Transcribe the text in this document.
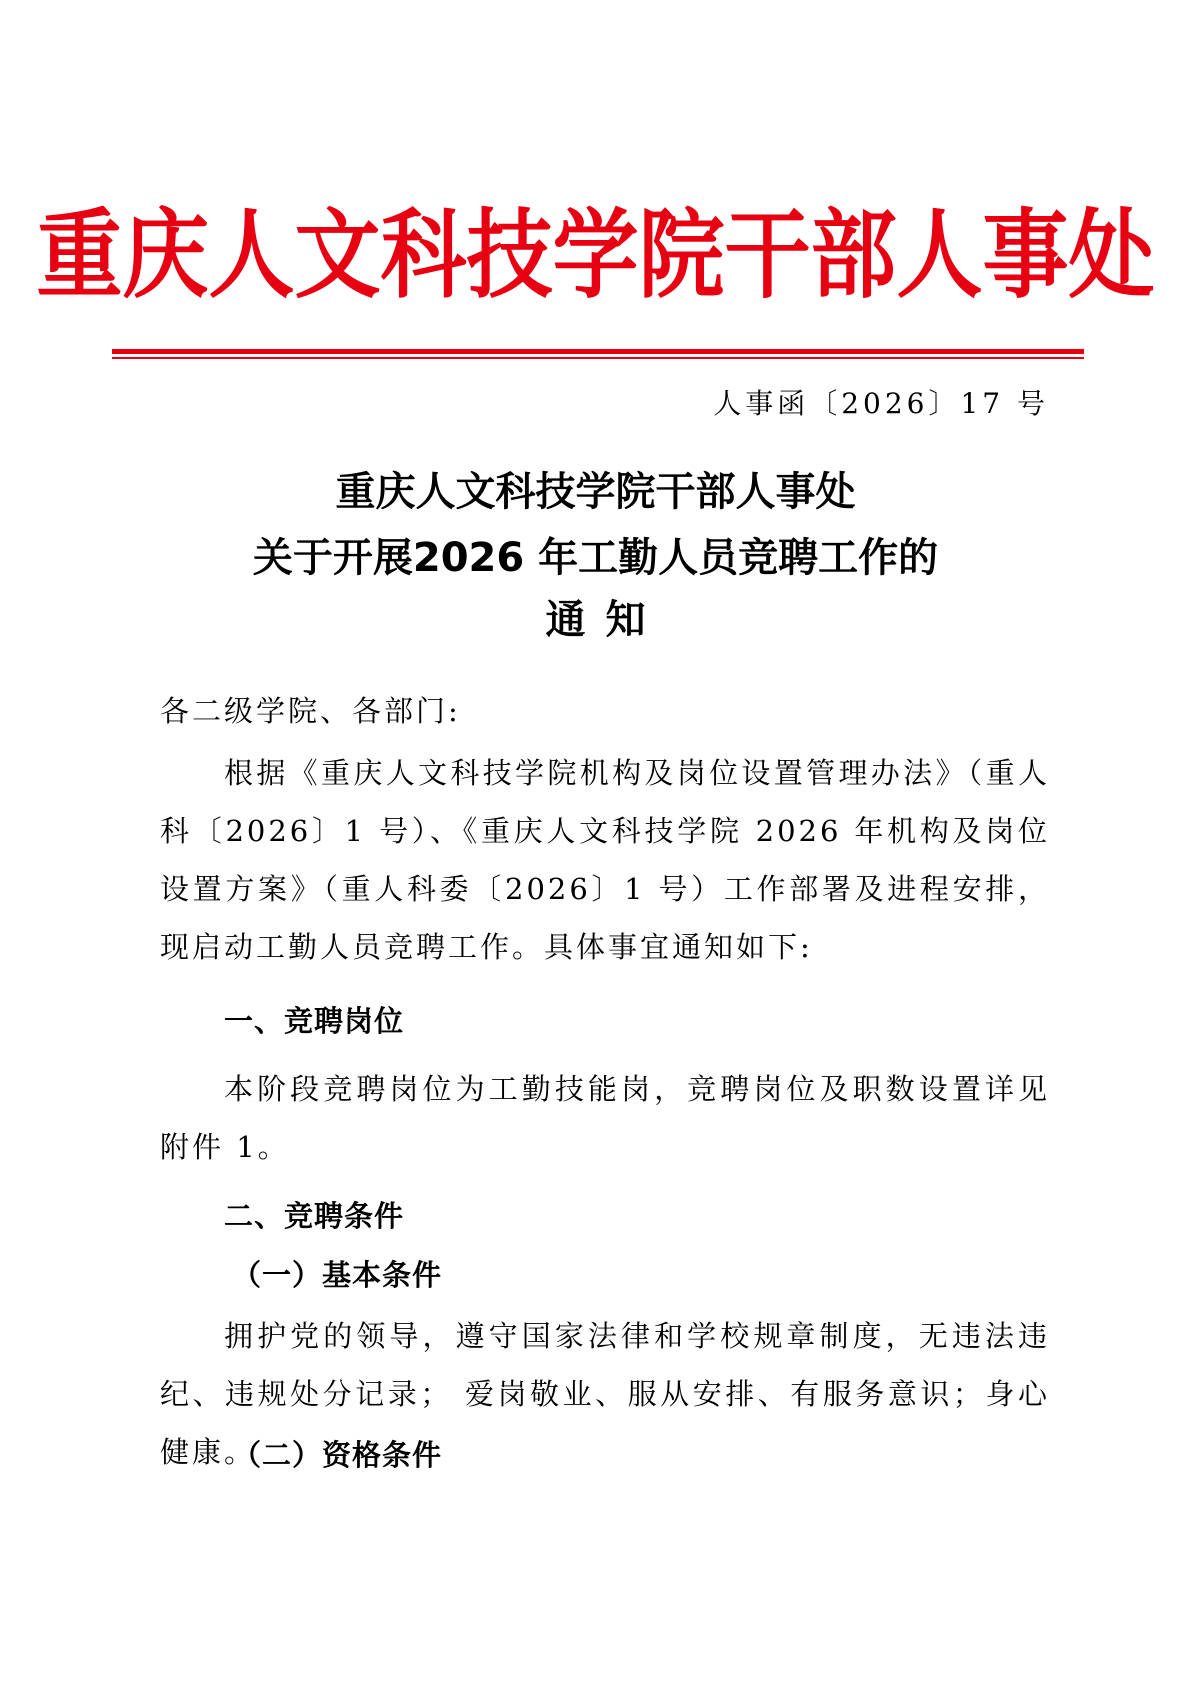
重庆人文科技学院干部人事处
人事函〔2026〕17 号
重庆人文科技学院干部人事处
关于开展2026 年工勤人员竞聘工作的
通知
各二级学院、各部门:
根据《重庆人文科技学院机构及岗位设置管理办法》（重人科〔2026〕1 号）、《重庆人文科技学院 2026 年机构及岗位设置方案》（重人科委〔2026〕1 号）工作部署及进程安排，现启动工勤人员竞聘工作。具体事宜通知如下:
一、竞聘岗位
本阶段竞聘岗位为工勤技能岗，竞聘岗位及职数设置详见附件 1。
二、竞聘条件
（一）基本条件
拥护党的领导，遵守国家法律和学校规章制度，无违法违纪、违规处分记录； 爱岗敬业、服从安排、有服务意识；身心健康。
（二）资格条件
